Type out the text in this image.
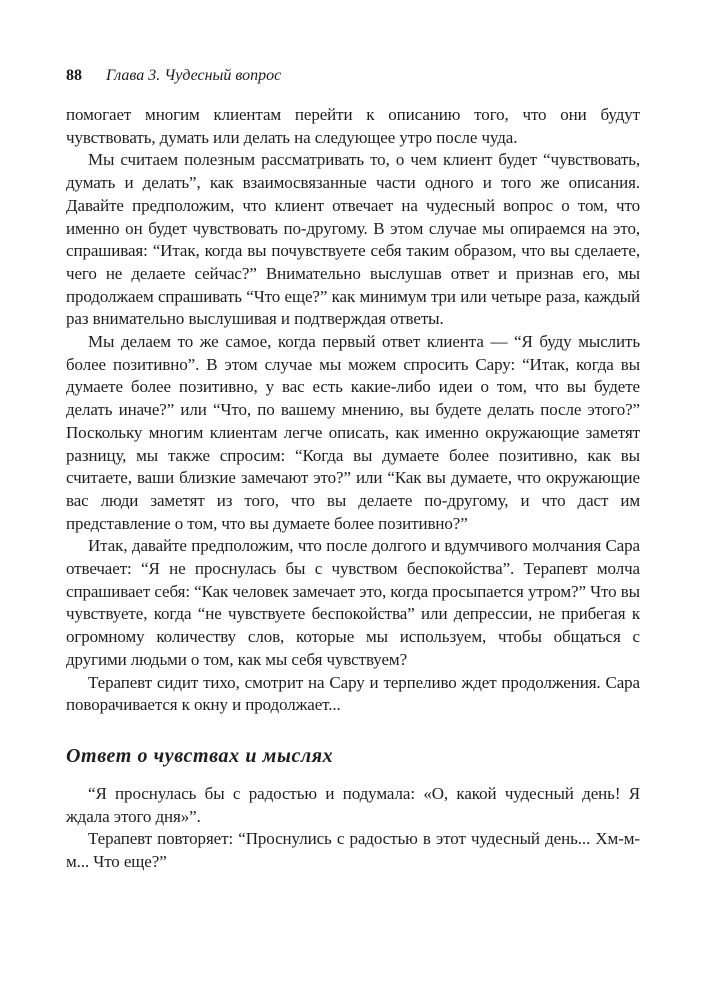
88 Глава 3. Чудесный вопрос

помогает многим клиентам перейти к описанию того, что они будут чувствовать, думать или делать на следующее утро после чуда.

Мы считаем полезным рассматривать то, о чем клиент будет “чувствовать, думать и делать”, как взаимосвязанные части одного и того же описания. Давайте предположим, что клиент отвечает на чудесный вопрос о том, что именно он будет чувствовать по-другому. В этом случае мы опираемся на это, спрашивая: “Итак, когда вы почувствуете себя таким образом, что вы сделаете, чего не делаете сейчас?” Внимательно выслушав ответ и признав его, мы продолжаем спрашивать “Что еще?” как минимум три или четыре раза, каждый раз внимательно выслушивая и подтверждая ответы.

Мы делаем то же самое, когда первый ответ клиента — “Я буду мыслить более позитивно”. В этом случае мы можем спросить Сару: “Итак, когда вы думаете более позитивно, у вас есть какие-либо идеи о том, что вы будете делать иначе?” или “Что, по вашему мнению, вы будете делать после этого?” Поскольку многим клиентам легче описать, как именно окружающие заметят разницу, мы также спросим: “Когда вы думаете более позитивно, как вы считаете, ваши близкие замечают это?” или “Как вы думаете, что окружающие вас люди заметят из того, что вы делаете по-другому, и что даст им представление о том, что вы думаете более позитивно?”

Итак, давайте предположим, что после долгого и вдумчивого молчания Сара отвечает: “Я не проснулась бы с чувством беспокойства”. Терапевт молча спрашивает себя: “Как человек замечает это, когда просыпается утром?” Что вы чувствуете, когда “не чувствуете беспокойства” или депрессии, не прибегая к огромному количеству слов, которые мы используем, чтобы общаться с другими людьми о том, как мы себя чувствуем?

Терапевт сидит тихо, смотрит на Сару и терпеливо ждет продолжения. Сара поворачивается к окну и продолжает...

Ответ о чувствах и мыслях

“Я проснулась бы с радостью и подумала: «О, какой чудесный день! Я ждала этого дня»”.

Терапевт повторяет: “Проснулись с радостью в этот чудесный день... Хм-м-м... Что еще?”
